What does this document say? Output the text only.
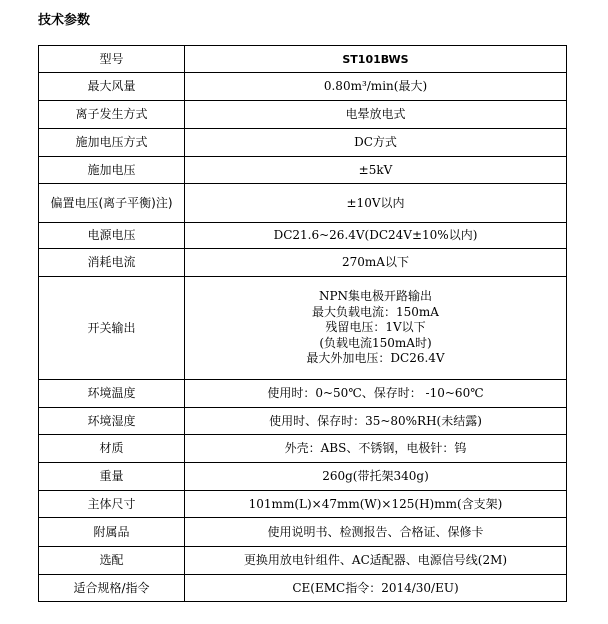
技术参数
型号	ST101BWS
最大风量	0.80m³/min(最大)
离子发生方式	电晕放电式
施加电压方式	DC方式
施加电压	±5kV
偏置电压(离子平衡)注)	±10V以内
电源电压	DC21.6~26.4V(DC24V±10%以内)
消耗电流	270mA以下
开关输出	NPN集电极开路输出
最大负载电流：150mA
残留电压：1V以下
(负载电流150mA时)
最大外加电压：DC26.4V

环境温度	使用时：0~50℃、保存时： -10~60℃
环境湿度	使用时、保存时：35~80%RH(未结露)
材质	外壳：ABS、不锈钢，电极针：钨
重量	260g(带托架340g)
主体尺寸	101mm(L)×47mm(W)×125(H)mm(含支架)
附属品	使用说明书、检测报告、合格证、保修卡
选配	更换用放电针组件、AC适配器、电源信号线(2M)
适合规格/指令	CE(EMC指令：2014/30/EU)
